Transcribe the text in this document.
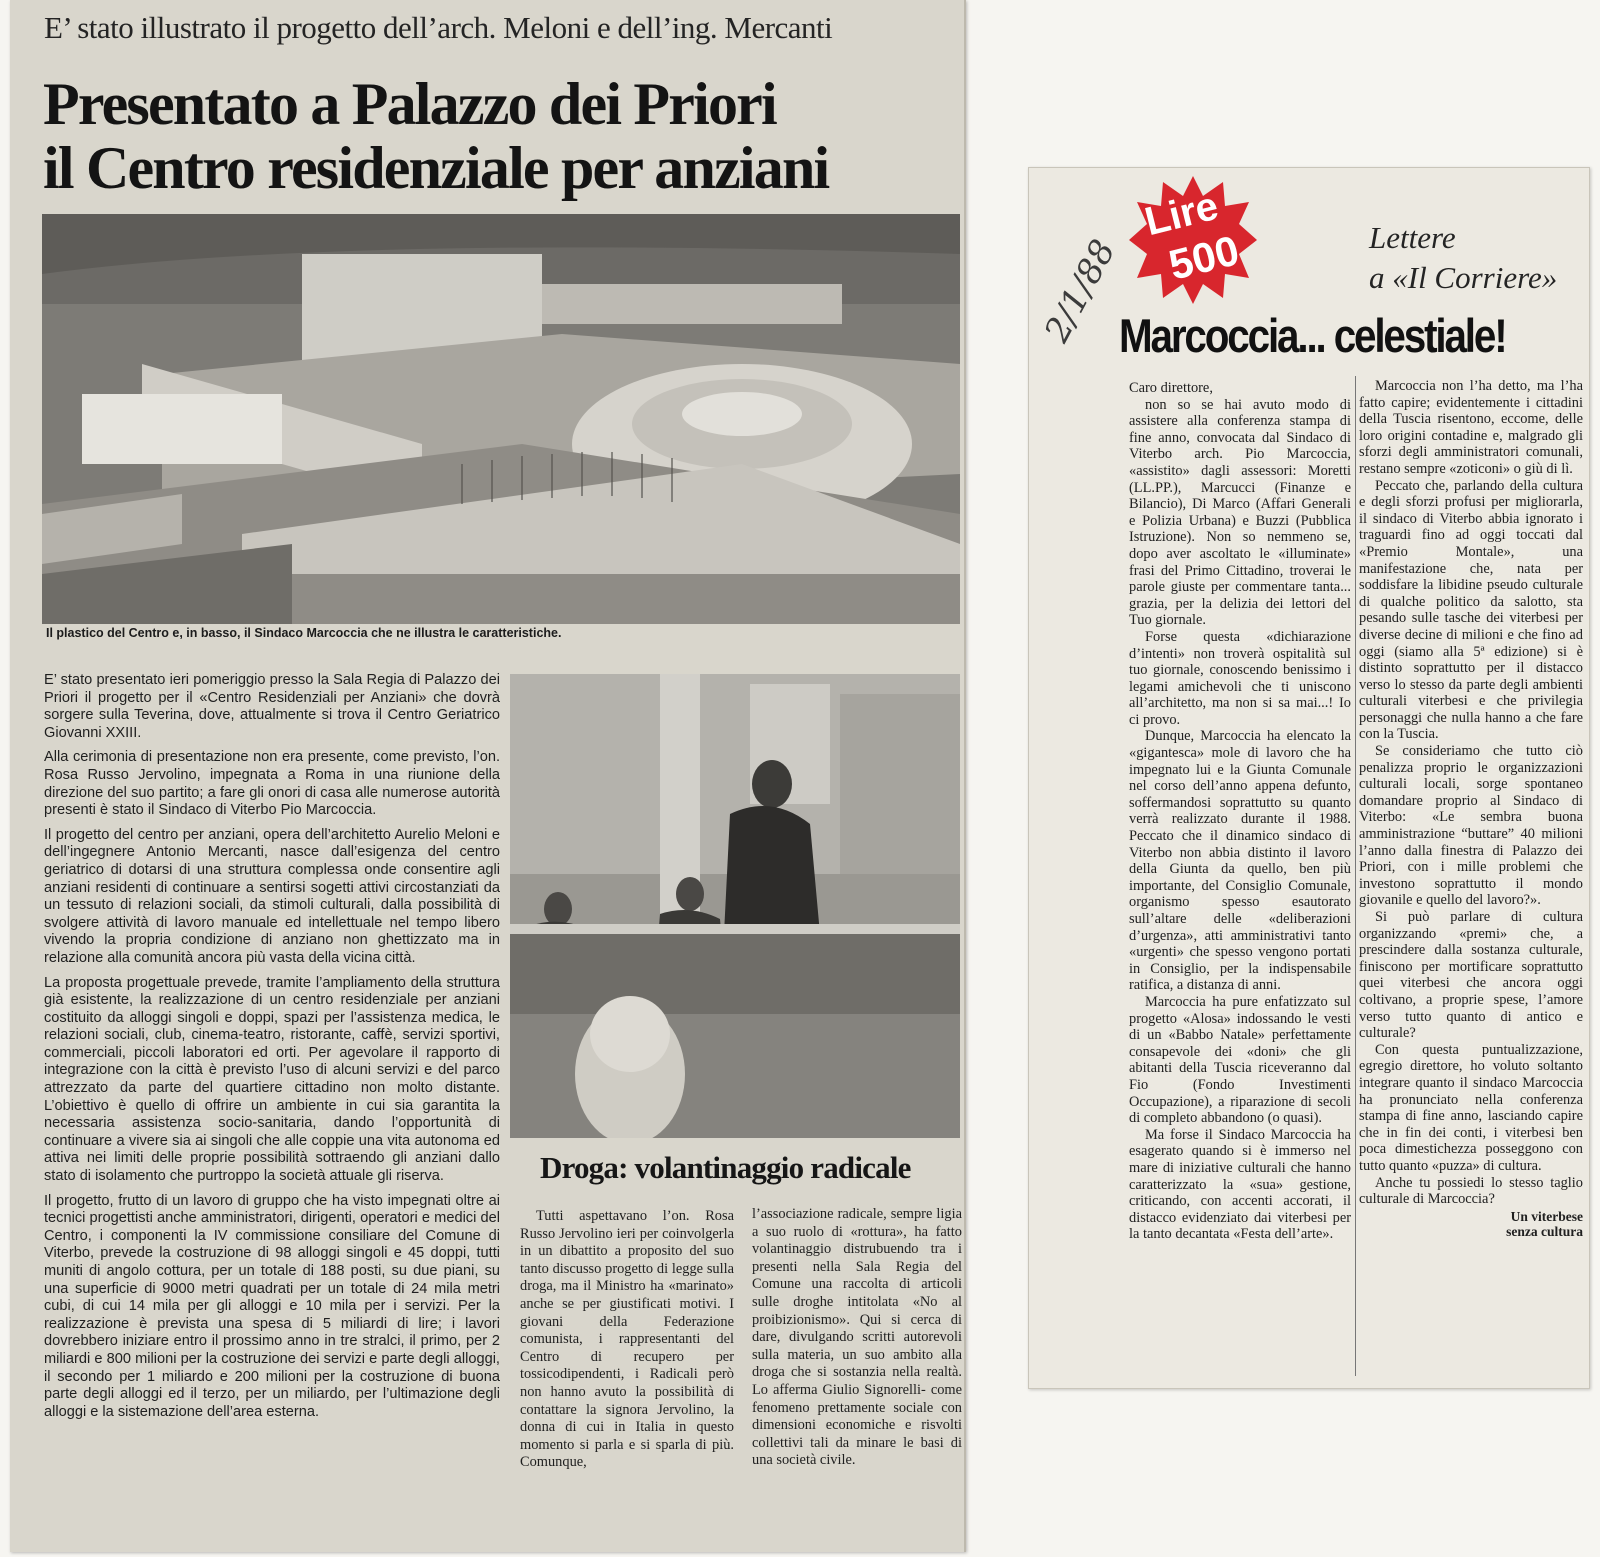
E’ stato illustrato il progetto dell’arch. Meloni e dell’ing. Mercanti
Presentato a Palazzo dei Priori
il Centro residenziale per anziani
Il plastico del Centro e, in basso, il Sindaco Marcoccia che ne illustra le caratteristiche.

E’ stato presentato ieri pomeriggio presso la Sala Regia di Palazzo dei Priori il progetto per il «Centro Residenziali per Anziani» che dovrà sorgere sulla Teverina, dove, attualmente si trova il Centro Geriatrico Giovanni XXIII.

Alla cerimonia di presentazione non era presente, come previsto, l’on. Rosa Russo Jervolino, impegnata a Roma in una riunione della direzione del suo partito; a fare gli onori di casa alle numerose autorità presenti è stato il Sindaco di Viterbo Pio Marcoccia.

Il progetto del centro per anziani, opera dell’architetto Aurelio Meloni e dell’ingegnere Antonio Mercanti, nasce dall’esigenza del centro geriatrico di dotarsi di una struttura complessa onde consentire agli anziani residenti di continuare a sentirsi sogetti attivi circostanziati da un tessuto di relazioni sociali, da stimoli culturali, dalla possibilità di svolgere attività di lavoro manuale ed intellettuale nel tempo libero vivendo la propria condizione di anziano non ghettizzato ma in relazione alla comunità ancora più vasta della vicina città.

La proposta progettuale prevede, tramite l’ampliamento della struttura già esistente, la realizzazione di un centro residenziale per anziani costituito da alloggi singoli e doppi, spazi per l’assistenza medica, le relazioni sociali, club, cinema-teatro, ristorante, caffè, servizi sportivi, commerciali, piccoli laboratori ed orti. Per agevolare il rapporto di integrazione con la città è previsto l’uso di alcuni servizi e del parco attrezzato da parte del quartiere cittadino non molto distante. L’obiettivo è quello di offrire un ambiente in cui sia garantita la necessaria assistenza socio-sanitaria, dando l’opportunità di continuare a vivere sia ai singoli che alle coppie una vita autonoma ed attiva nei limiti delle proprie possibilità sottraendo gli anziani dallo stato di isolamento che purtroppo la società attuale gli riserva.

Il progetto, frutto di un lavoro di gruppo che ha visto impegnati oltre ai tecnici progettisti anche amministratori, dirigenti, operatori e medici del Centro, i componenti la IV commissione consiliare del Comune di Viterbo, prevede la costruzione di 98 alloggi singoli e 45 doppi, tutti muniti di angolo cottura, per un totale di 188 posti, su due piani, su una superficie di 9000 metri quadrati per un totale di 24 mila metri cubi, di cui 14 mila per gli alloggi e 10 mila per i servizi. Per la realizzazione è prevista una spesa di 5 miliardi di lire; i lavori dovrebbero iniziare entro il prossimo anno in tre stralci, il primo, per 2 miliardi e 800 milioni per la costruzione dei servizi e parte degli alloggi, il secondo per 1 miliardo e 200 milioni per la costruzione di buona parte degli alloggi ed il terzo, per un miliardo, per l’ultimazione degli alloggi e la sistemazione dell’area esterna.

Droga: volantinaggio radicale

Tutti aspettavano l’on. Rosa Russo Jervolino ieri per coinvolgerla in un dibattito a proposito del suo tanto discusso progetto di legge sulla droga, ma il Ministro ha «marinato» anche se per giustificati motivi. I giovani della Federazione comunista, i rappresentanti del Centro di recupero per tossicodipendenti, i Radicali però non hanno avuto la possibilità di contattare la signora Jervolino, la donna di cui in Italia in questo momento si parla e si sparla di più. Comunque,

l’associazione radicale, sempre ligia a suo ruolo di «rottura», ha fatto volantinaggio distrubuendo tra i presenti nella Sala Regia del Comune una raccolta di articoli sulle droghe intitolata «No al proibizionismo». Qui si cerca di dare, divulgando scritti autorevoli sulla materia, un suo ambito alla droga che si sostanzia nella realtà. Lo afferma Giulio Signorelli- come fenomeno prettamente sociale con dimensioni economiche e risvolti collettivi tali da minare le basi di una società civile.

2/1/88
Lire
500	Lettere
a «Il Corriere»
Marcoccia... celestiale!

Caro direttore,

non so se hai avuto modo di assistere alla conferenza stampa di fine anno, convocata dal Sindaco di Viterbo arch. Pio Marcoccia, «assistito» dagli assessori: Moretti (LL.PP.), Marcucci (Finanze e Bilancio), Di Marco (Affari Generali e Polizia Urbana) e Buzzi (Pubblica Istruzione). Non so nemmeno se, dopo aver ascoltato le «illuminate» frasi del Primo Cittadino, troverai le parole giuste per commentare tanta... grazia, per la delizia dei lettori del Tuo giornale.

Forse questa «dichiarazione d’intenti» non troverà ospitalità sul tuo giornale, conoscendo benissimo i legami amichevoli che ti uniscono all’architetto, ma non si sa mai...! Io ci provo.

Dunque, Marcoccia ha elencato la «gigantesca» mole di lavoro che ha impegnato lui e la Giunta Comunale nel corso dell’anno appena defunto, soffermandosi soprattutto su quanto verrà realizzato durante il 1988. Peccato che il dinamico sindaco di Viterbo non abbia distinto il lavoro della Giunta da quello, ben più importante, del Consiglio Comunale, organismo spesso esautorato sull’altare delle «deliberazioni d’urgenza», atti amministrativi tanto «urgenti» che spesso vengono portati in Consiglio, per la indispensabile ratifica, a distanza di anni.

Marcoccia ha pure enfatizzato sul progetto «Alosa» indossando le vesti di un «Babbo Natale» perfettamente consapevole dei «doni» che gli abitanti della Tuscia riceveranno dal Fio (Fondo Investimenti Occupazione), a riparazione di secoli di completo abbandono (o quasi).

Ma forse il Sindaco Marcoccia ha esagerato quando si è immerso nel mare di iniziative culturali che hanno caratterizzato la «sua» gestione, criticando, con accenti accorati, il distacco evidenziato dai viterbesi per la tanto decantata «Festa dell’arte».

Marcoccia non l’ha detto, ma l’ha fatto capire; evidentemente i cittadini della Tuscia risentono, eccome, delle loro origini contadine e, malgrado gli sforzi degli amministratori comunali, restano sempre «zoticoni» o giù di lì.

Peccato che, parlando della cultura e degli sforzi profusi per migliorarla, il sindaco di Viterbo abbia ignorato i traguardi fino ad oggi toccati dal «Premio Montale», una manifestazione che, nata per soddisfare la libidine pseudo culturale di qualche politico da salotto, sta pesando sulle tasche dei viterbesi per diverse decine di milioni e che fino ad oggi (siamo alla 5ª edizione) si è distinto soprattutto per il distacco verso lo stesso da parte degli ambienti culturali viterbesi e che privilegia personaggi che nulla hanno a che fare con la Tuscia.

Se consideriamo che tutto ciò penalizza proprio le organizzazioni culturali locali, sorge spontaneo domandare proprio al Sindaco di Viterbo: «Le sembra buona amministrazione “buttare” 40 milioni l’anno dalla finestra di Palazzo dei Priori, con i mille problemi che investono soprattutto il mondo giovanile e quello del lavoro?».

Si può parlare di cultura organizzando «premi» che, a prescindere dalla sostanza culturale, finiscono per mortificare soprattutto quei viterbesi che ancora oggi coltivano, a proprie spese, l’amore verso tutto quanto di antico e culturale?

Con questa puntualizzazione, egregio direttore, ho voluto soltanto integrare quanto il sindaco Marcoccia ha pronunciato nella conferenza stampa di fine anno, lasciando capire che in fin dei conti, i viterbesi ben poca dimestichezza posseggono con tutto quanto «puzza» di cultura.

Anche tu possiedi lo stesso taglio culturale di Marcoccia?

Un viterbese
senza cultura
